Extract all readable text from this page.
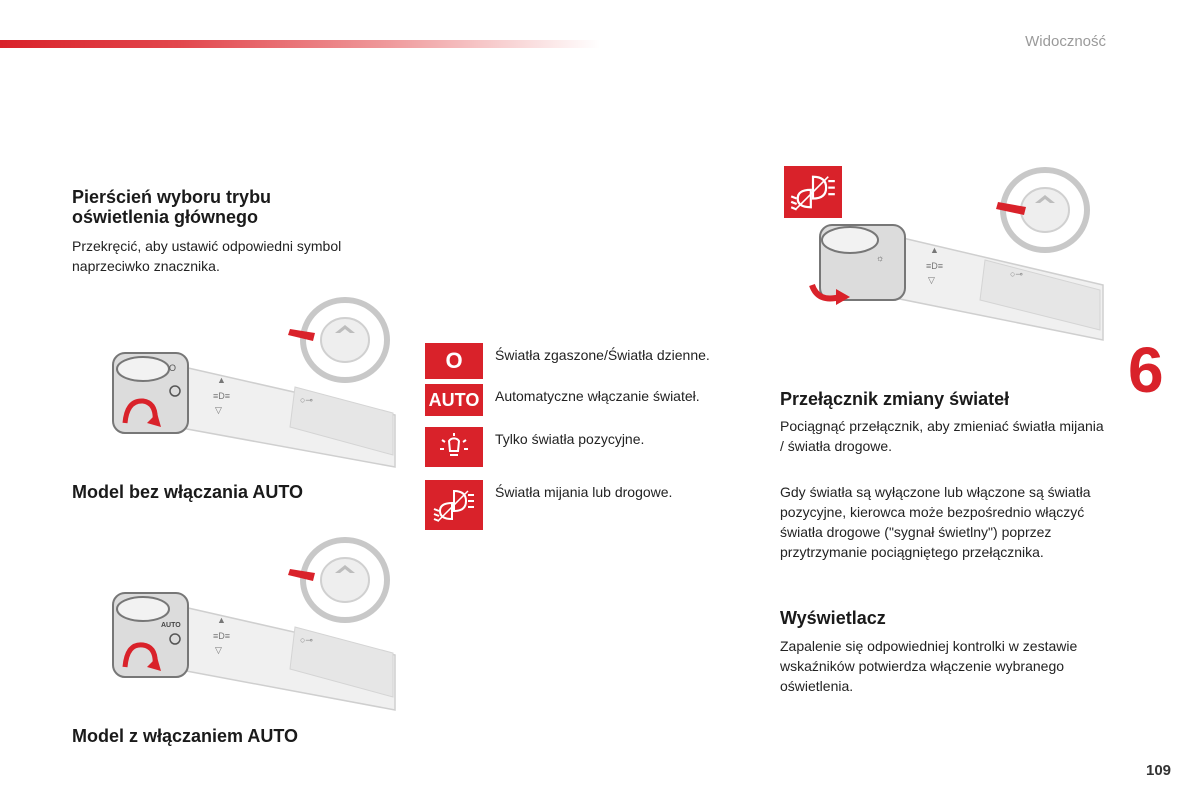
Widoczność
6
109
Pierścień wyboru trybu oświetlenia głównego

Przekręcić, aby ustawić odpowiedni symbol naprzeciwko znacznika.

O
▲
≡D≡
▽
○⊸
Model bez włączania AUTO
AUTO
▲
≡D≡
▽
○⊸
Model z włączaniem AUTO
O Światła zgaszone/Światła dzienne.
AUTO Automatyczne włączanie świateł.
Tylko światła pozycyjne.
Światła mijania lub drogowe.
☼
▲
≡D≡
▽
○⊸
Przełącznik zmiany świateł

Pociągnąć przełącznik, aby zmieniać światła mijania / światła drogowe.

Gdy światła są wyłączone lub włączone są światła pozycyjne, kierowca może bezpośrednio włączyć światła drogowe ("sygnał świetlny") poprzez przytrzymanie pociągniętego przełącznika.

Wyświetlacz

Zapalenie się odpowiedniej kontrolki w zestawie wskaźników potwierdza włączenie wybranego oświetlenia.
